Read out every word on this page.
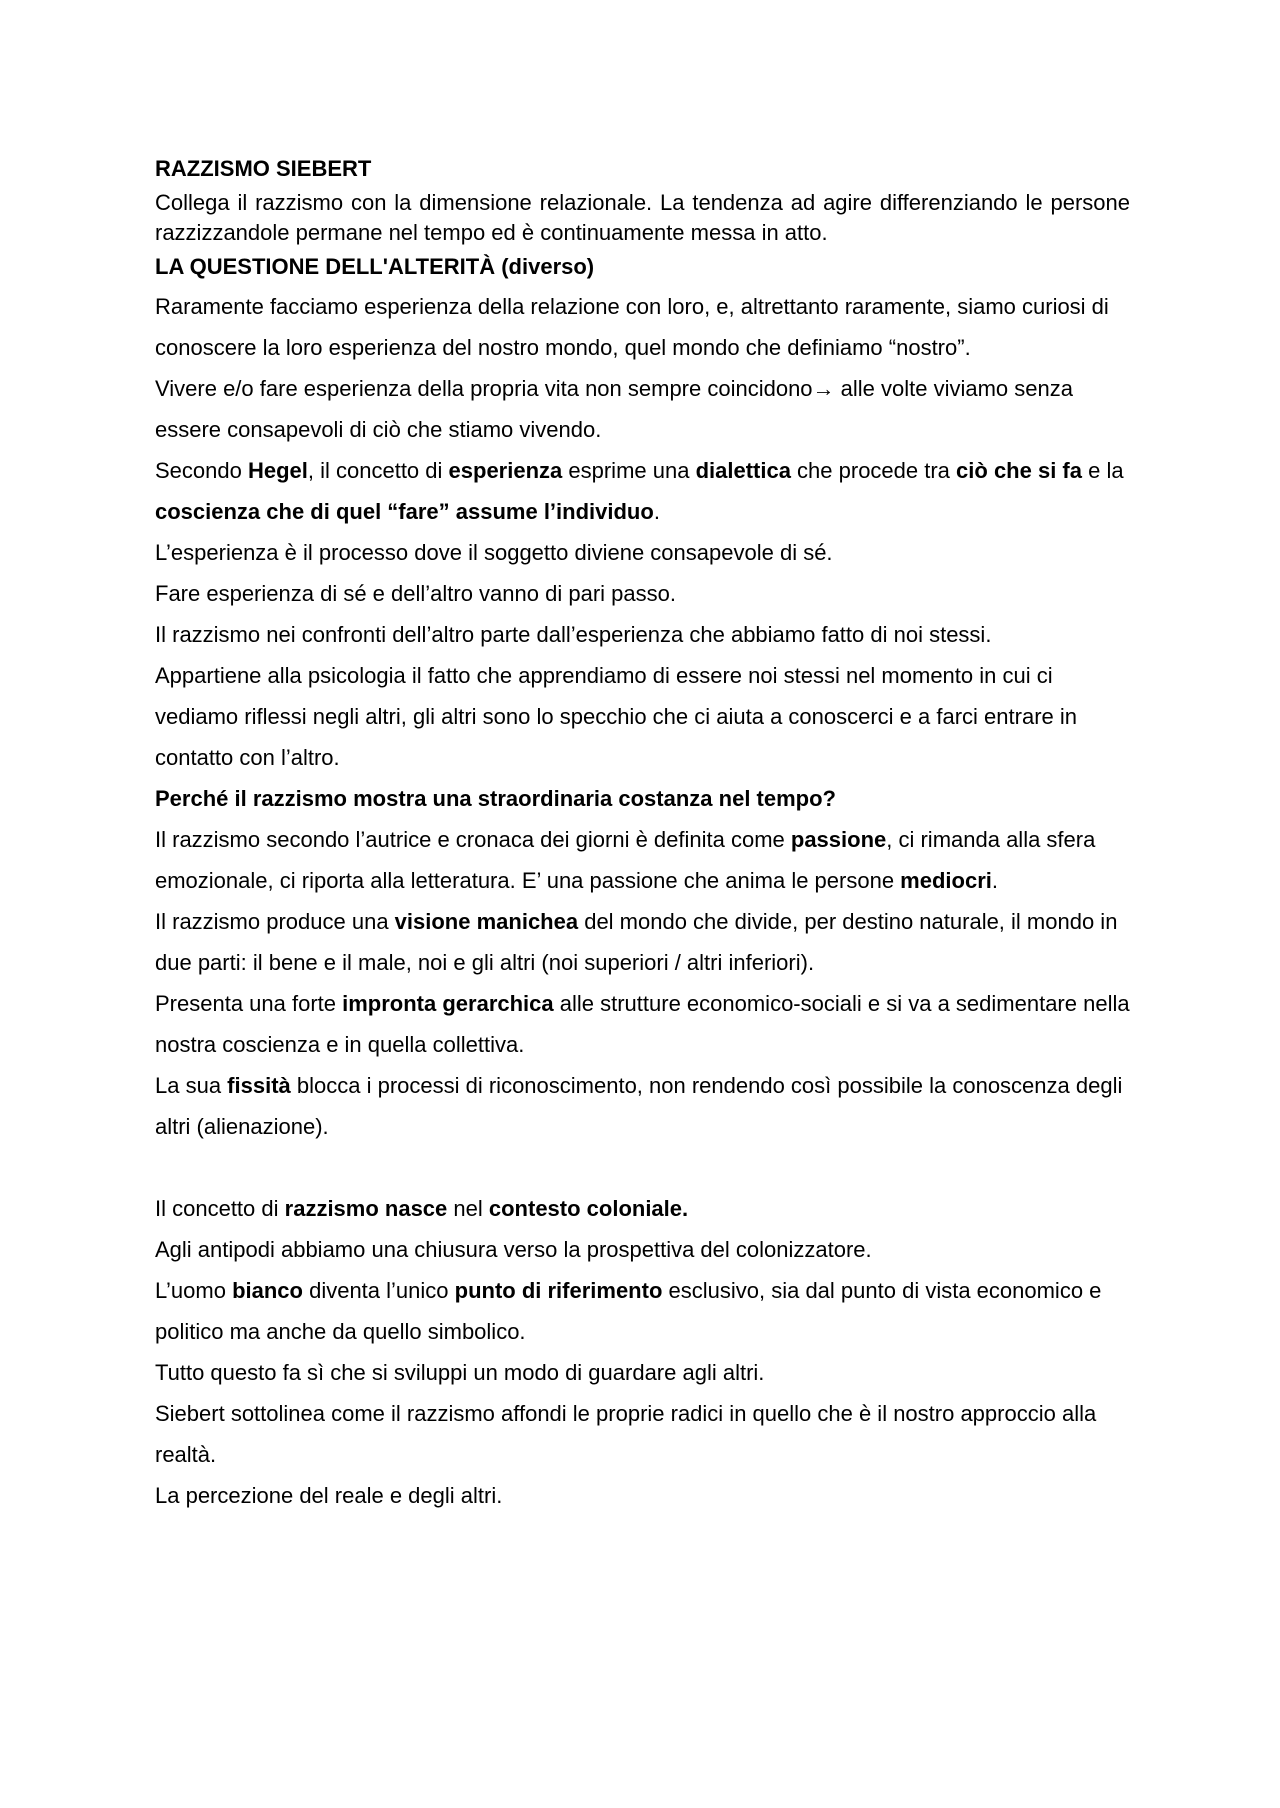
RAZZISMO SIEBERT

Collega il razzismo con la dimensione relazionale. La tendenza ad agire differenziando le persone razzizzandole permane nel tempo ed è continuamente messa in atto.

LA QUESTIONE DELL'ALTERITÀ (diverso)

Raramente facciamo esperienza della relazione con loro, e, altrettanto raramente, siamo curiosi di conoscere la loro esperienza del nostro mondo, quel mondo che definiamo “nostro”.

Vivere e/o fare esperienza della propria vita non sempre coincidono→ alle volte viviamo senza essere consapevoli di ciò che stiamo vivendo.

Secondo Hegel, il concetto di esperienza esprime una dialettica che procede tra ciò che si fa e la coscienza che di quel “fare” assume l’individuo.

L’esperienza è il processo dove il soggetto diviene consapevole di sé.

Fare esperienza di sé e dell’altro vanno di pari passo.

Il razzismo nei confronti dell’altro parte dall’esperienza che abbiamo fatto di noi stessi.

Appartiene alla psicologia il fatto che apprendiamo di essere noi stessi nel momento in cui ci vediamo riflessi negli altri, gli altri sono lo specchio che ci aiuta a conoscerci e a farci entrare in contatto con l’altro.

Perché il razzismo mostra una straordinaria costanza nel tempo?

Il razzismo secondo l’autrice e cronaca dei giorni è definita come passione, ci rimanda alla sfera emozionale, ci riporta alla letteratura. E’ una passione che anima le persone mediocri.

Il razzismo produce una visione manichea del mondo che divide, per destino naturale, il mondo in due parti: il bene e il male, noi e gli altri (noi superiori / altri inferiori).

Presenta una forte impronta gerarchica alle strutture economico-sociali e si va a sedimentare nella nostra coscienza e in quella collettiva.

La sua fissità blocca i processi di riconoscimento, non rendendo così possibile la conoscenza degli altri (alienazione).

Il concetto di razzismo nasce nel contesto coloniale.

Agli antipodi abbiamo una chiusura verso la prospettiva del colonizzatore.

L’uomo bianco diventa l’unico punto di riferimento esclusivo, sia dal punto di vista economico e politico ma anche da quello simbolico.

Tutto questo fa sì che si sviluppi un modo di guardare agli altri.

Siebert sottolinea come il razzismo affondi le proprie radici in quello che è il nostro approccio alla realtà.

La percezione del reale e degli altri.
